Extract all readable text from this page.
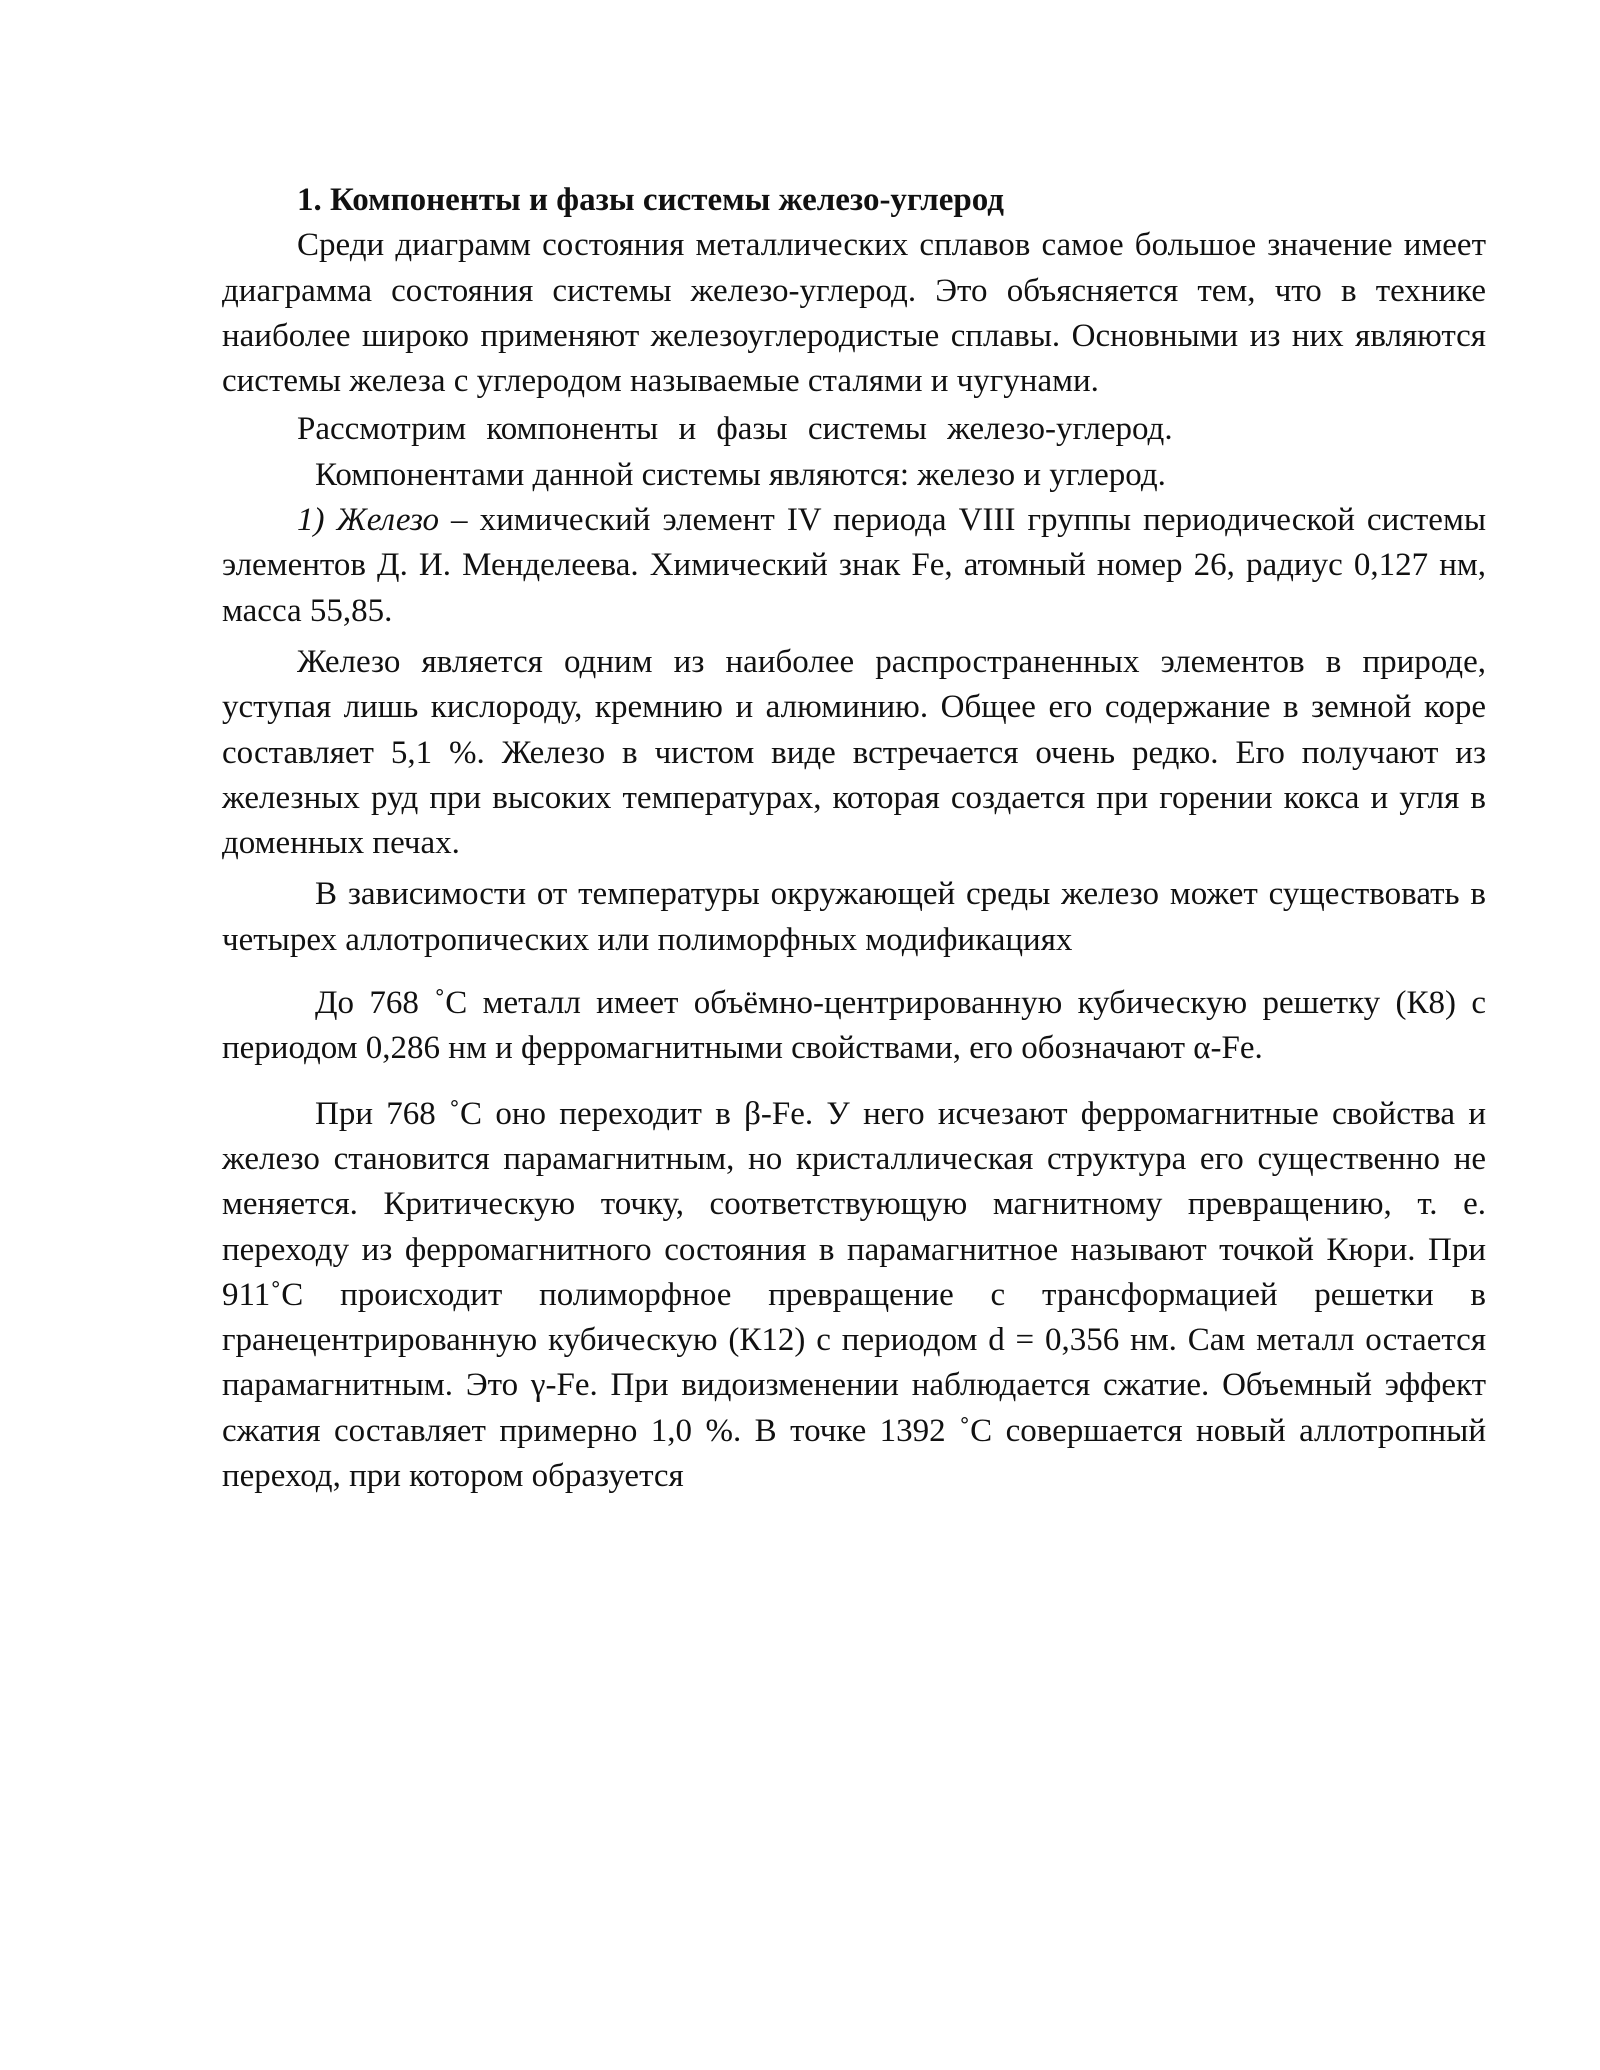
1. Компоненты и фазы системы железо-углерод

Среди диаграмм состояния металлических сплавов самое большое значение имеет диаграмма состояния системы железо-углерод. Это объясняется тем, что в технике наиболее широко применяют железоуглеродистые сплавы. Основными из них являются системы железа с углеродом называемые сталями и чугунами.

Рассмотрим компоненты и фазы системы железо-углерод.

Компонентами данной системы являются: железо и углерод.

1) Железо – химический элемент IV периода VIII группы периодической системы элементов Д. И. Менделеева. Химический знак Fe, атомный номер 26, радиус 0,127 нм, масса 55,85.

Железо является одним из наиболее распространенных элементов в природе, уступая лишь кислороду, кремнию и алюминию. Общее его содержание в земной коре составляет 5,1 %. Железо в чистом виде встречается очень редко. Его получают из железных руд при высоких температурах, которая создается при горении кокса и угля в доменных печах.

В зависимости от температуры окружающей среды железо может существовать в четырех аллотропических или полиморфных модификациях

До 768 ˚С металл имеет объёмно-центрированную кубическую решетку (К8) с периодом 0,286 нм и ферромагнитными свойствами, его обозначают α-Fe.

При 768 ˚С оно переходит в β-Fe. У него исчезают ферромагнитные свойства и железо становится парамагнитным, но кристаллическая структура его существенно не меняется. Критическую точку, соответствующую магнитному превращению, т. е. переходу из ферромагнитного состояния в парамагнитное называют точкой Кюри. При 911˚С происходит полиморфное превращение с трансформацией решетки в гранецентрированную кубическую (К12) с периодом d = 0,356 нм. Сам металл остается парамагнитным. Это γ-Fe. При видоизменении наблюдается сжатие. Объемный эффект сжатия составляет примерно 1,0 %. В точке 1392 ˚С совершается новый аллотропный переход, при котором образуется
